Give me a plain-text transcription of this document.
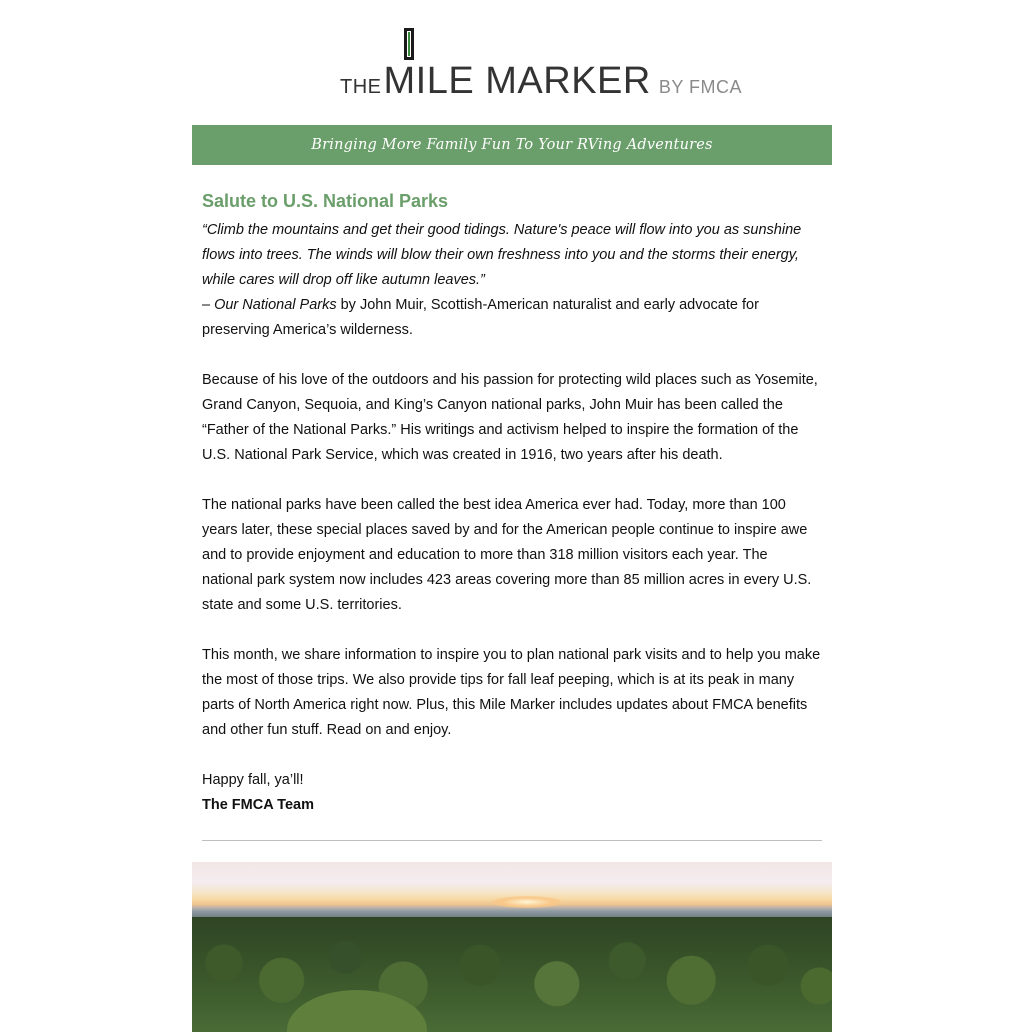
THEMILE MARKER BY FMCA
Bringing More Family Fun To Your RVing Adventures
Salute to U.S. National Parks

“Climb the mountains and get their good tidings. Nature's peace will flow into you as sunshine flows into trees. The winds will blow their own freshness into you and the storms their energy, while cares will drop off like autumn leaves.”

– Our National Parks by John Muir, Scottish-American naturalist and early advocate for preserving America’s wilderness.

Because of his love of the outdoors and his passion for protecting wild places such as Yosemite, Grand Canyon, Sequoia, and King’s Canyon national parks, John Muir has been called the “Father of the National Parks.” His writings and activism helped to inspire the formation of the U.S. National Park Service, which was created in 1916, two years after his death.

The national parks have been called the best idea America ever had. Today, more than 100 years later, these special places saved by and for the American people continue to inspire awe and to provide enjoyment and education to more than 318 million visitors each year. The national park system now includes 423 areas covering more than 85 million acres in every U.S. state and some U.S. territories.

This month, we share information to inspire you to plan national park visits and to help you make the most of those trips. We also provide tips for fall leaf peeping, which is at its peak in many parts of North America right now. Plus, this Mile Marker includes updates about FMCA benefits and other fun stuff. Read on and enjoy.

Happy fall, ya’ll!

The FMCA Team
